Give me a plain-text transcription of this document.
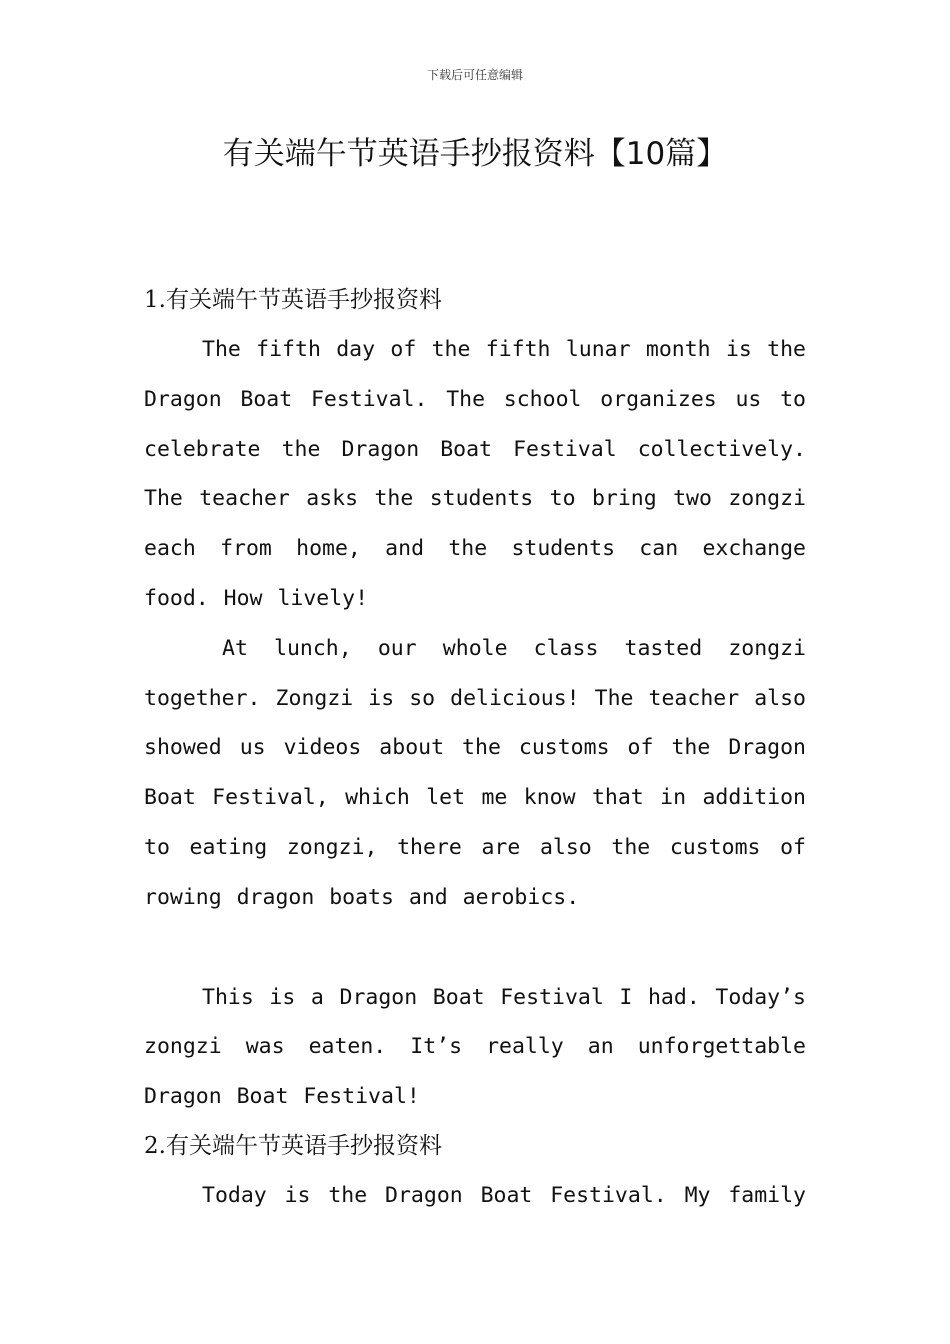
下载后可任意编辑
有关端午节英语手抄报资料【10篇】
1.有关端午节英语手抄报资料

The fifth day of the fifth lunar month is the Dragon Boat Festival. The school organizes us to celebrate the Dragon Boat Festival collectively. The teacher asks the students to bring two zongzi each from home, and the students can exchange food. How lively!

At lunch, our whole class tasted zongzi together. Zongzi is so delicious! The teacher also showed us videos about the customs of the Dragon Boat Festival, which let me know that in addition to eating zongzi, there are also the customs of rowing dragon boats and aerobics.

This is a Dragon Boat Festival I had. Today’s zongzi was eaten. It’s really an unforgettable Dragon Boat Festival!

2.有关端午节英语手抄报资料

Today is the Dragon Boat Festival. My family
